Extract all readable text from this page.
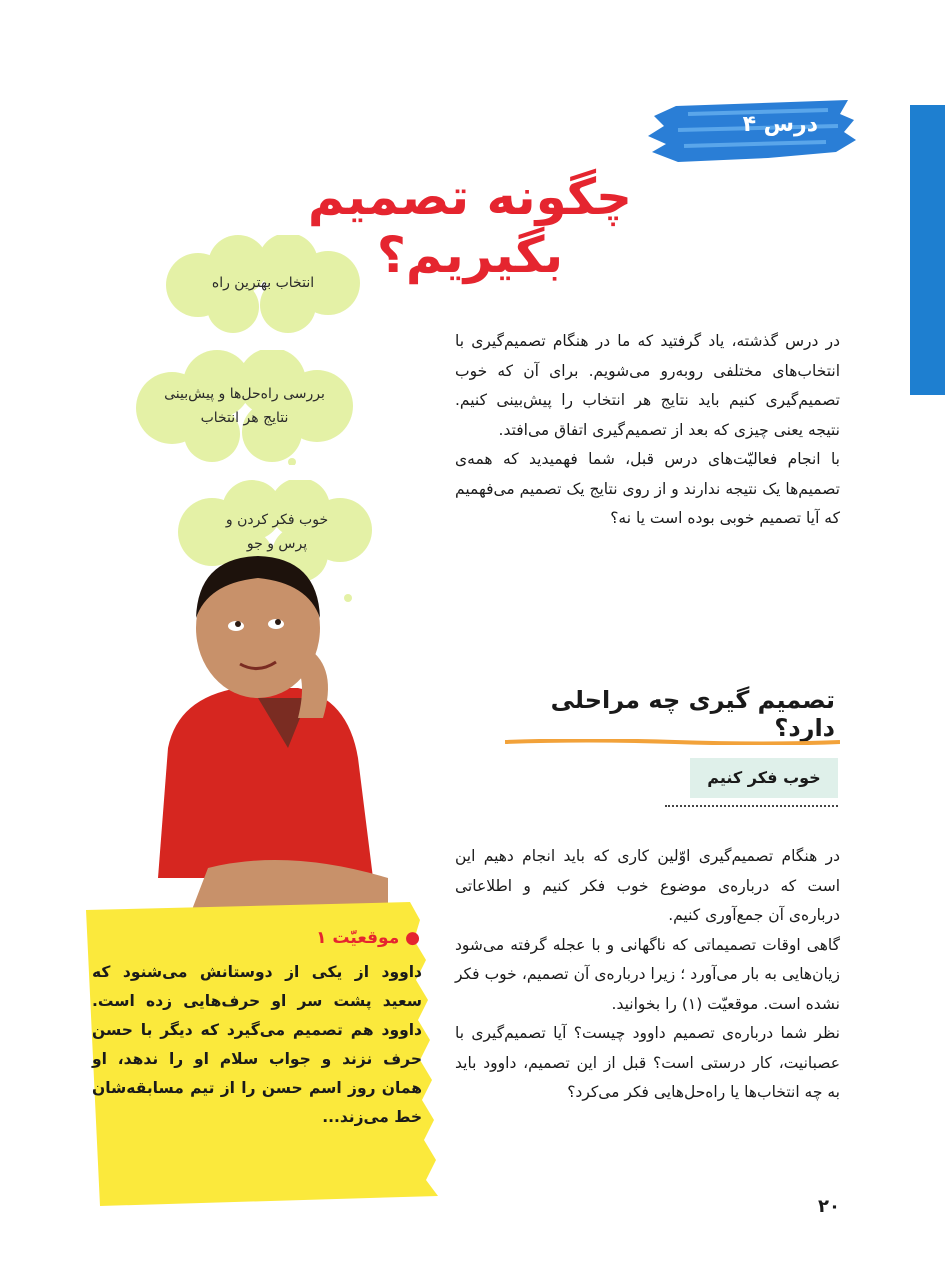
درس ۴
چگونه تصمیم بگیریم؟
انتخاب بهترین راه
بررسی راه‌حل‌ها و پیش‌بینی نتایج هر انتخاب
خوب فکر کردن و پرس و جو

در درس گذشته، یاد گرفتید که ما در هنگام تصمیم‌گیری با انتخاب‌های مختلفی روبه‌رو می‌شویم. برای آن که خوب تصمیم‌گیری کنیم باید نتایج هر انتخاب را پیش‌بینی کنیم. نتیجه یعنی چیزی که بعد از تصمیم‌گیری اتفاق می‌افتد.

با انجام فعالیّت‌های درس قبل، شما فهمیدید که همه‌ی تصمیم‌ها یک نتیجه ندارند و از روی نتایج یک تصمیم می‌فهمیم که آیا تصمیم خوبی بوده است یا نه؟

تصمیم گیری چه مراحلی دارد؟
خوب فکر کنیم

در هنگام تصمیم‌گیری اوّلین کاری که باید انجام دهیم این است که درباره‌ی موضوع خوب فکر کنیم و اطلاعاتی درباره‌ی آن جمع‌آوری کنیم.

گاهی اوقات تصمیماتی که ناگهانی و با عجله گرفته می‌شود زیان‌هایی به بار می‌آورد ؛ زیرا درباره‌ی آن تصمیم، خوب فکر نشده است. موقعیّت (۱) را بخوانید.

نظر شما درباره‌ی تصمیم داوود چیست؟ آیا تصمیم‌گیری با عصبانیت، کار درستی است؟ قبل از این تصمیم، داوود باید به چه انتخاب‌ها یا راه‌حل‌هایی فکر می‌کرد؟

● موقعیّت ۱
داوود از یکی از دوستانش می‌شنود که سعید پشت سر او حرف‌هایی زده است. داوود هم تصمیم می‌گیرد که دیگر با حسن حرف نزند و جواب سلام او را ندهد، او همان روز اسم حسن را از تیم مسابقه‌شان خط می‌زند...
۲۰
